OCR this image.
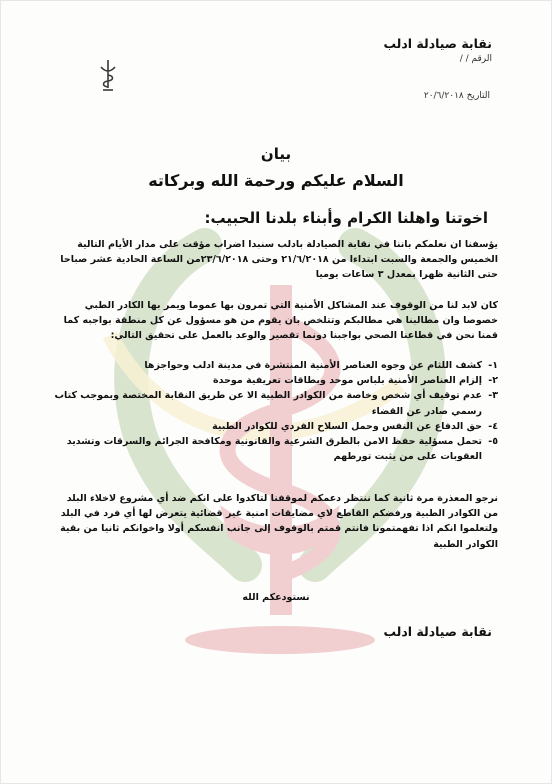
نقابة صيادلة ادلب
الرقم / /
التاريخ ٢٠/٦/٢٠١٨
بيان
السلام عليكم ورحمة الله وبركاته
اخوتنا واهلنا الكرام وأبناء بلدنا الحبيب:
يؤسفنا ان نعلمكم باننا في نقابة الصيادلة بادلب سنبدا اضراب مؤقت على مدار الأيام التالية الخميس والجمعة والسبت ابتداءا من ٢١/٦/٢٠١٨ وحتى ٢٣/٦/٢٠١٨من الساعة الحادية عشر صباحا حتى الثانية ظهرا بمعدل ٣ ساعات يوميا
كان لابد لنا من الوقوف عند المشاكل الأمنية التي تمرون بها عموما ويمر بها الكادر الطبي خصوصا وان مطالبنا هي مطالبكم وتتلخص بان يقوم من هو مسؤول عن كل منطقة بواجبه كما قمنا نحن في قطاعنا الصحي بواجبنا دونما تقصير والوعد بالعمل على تحقيق التالي:
١-
كشف اللثام عن وجوه العناصر الأمنية المنتشرة في مدينة ادلب وحواجزها
٢-
إلزام العناصر الأمنية بلباس موحد وبطاقات تعريفية موحدة
٣-
عدم توقيف أي شخص وخاصة من الكوادر الطبية الا عن طريق النقابة المختصة وبموجب كتاب رسمي صادر عن القضاء
٤-
حق الدفاع عن النفس وحمل السلاح الفردي للكوادر الطبية
٥-
تحمل مسؤلية حفظ الامن بالطرق الشرعية والقانونية ومكافحة الجرائم والسرقات وتشديد العقوبات على من يثبت تورطهم
نرجو المعذرة مرة ثانية كما ننتظر دعمكم لموقفنا لتاكدوا على انكم ضد أي مشروع لاخلاء البلد من الكوادر الطبية ورفضكم القاطع لاي مضايقات امنية غير قضائية يتعرض لها أي فرد في البلد ولتعلموا انكم اذا تفهمتمونا فانتم قمتم بالوقوف إلى جانب انفسكم أولا واخوانكم ثانيا من بقية الكوادر الطبية
نستودعكم الله
نقابة صيادلة ادلب
